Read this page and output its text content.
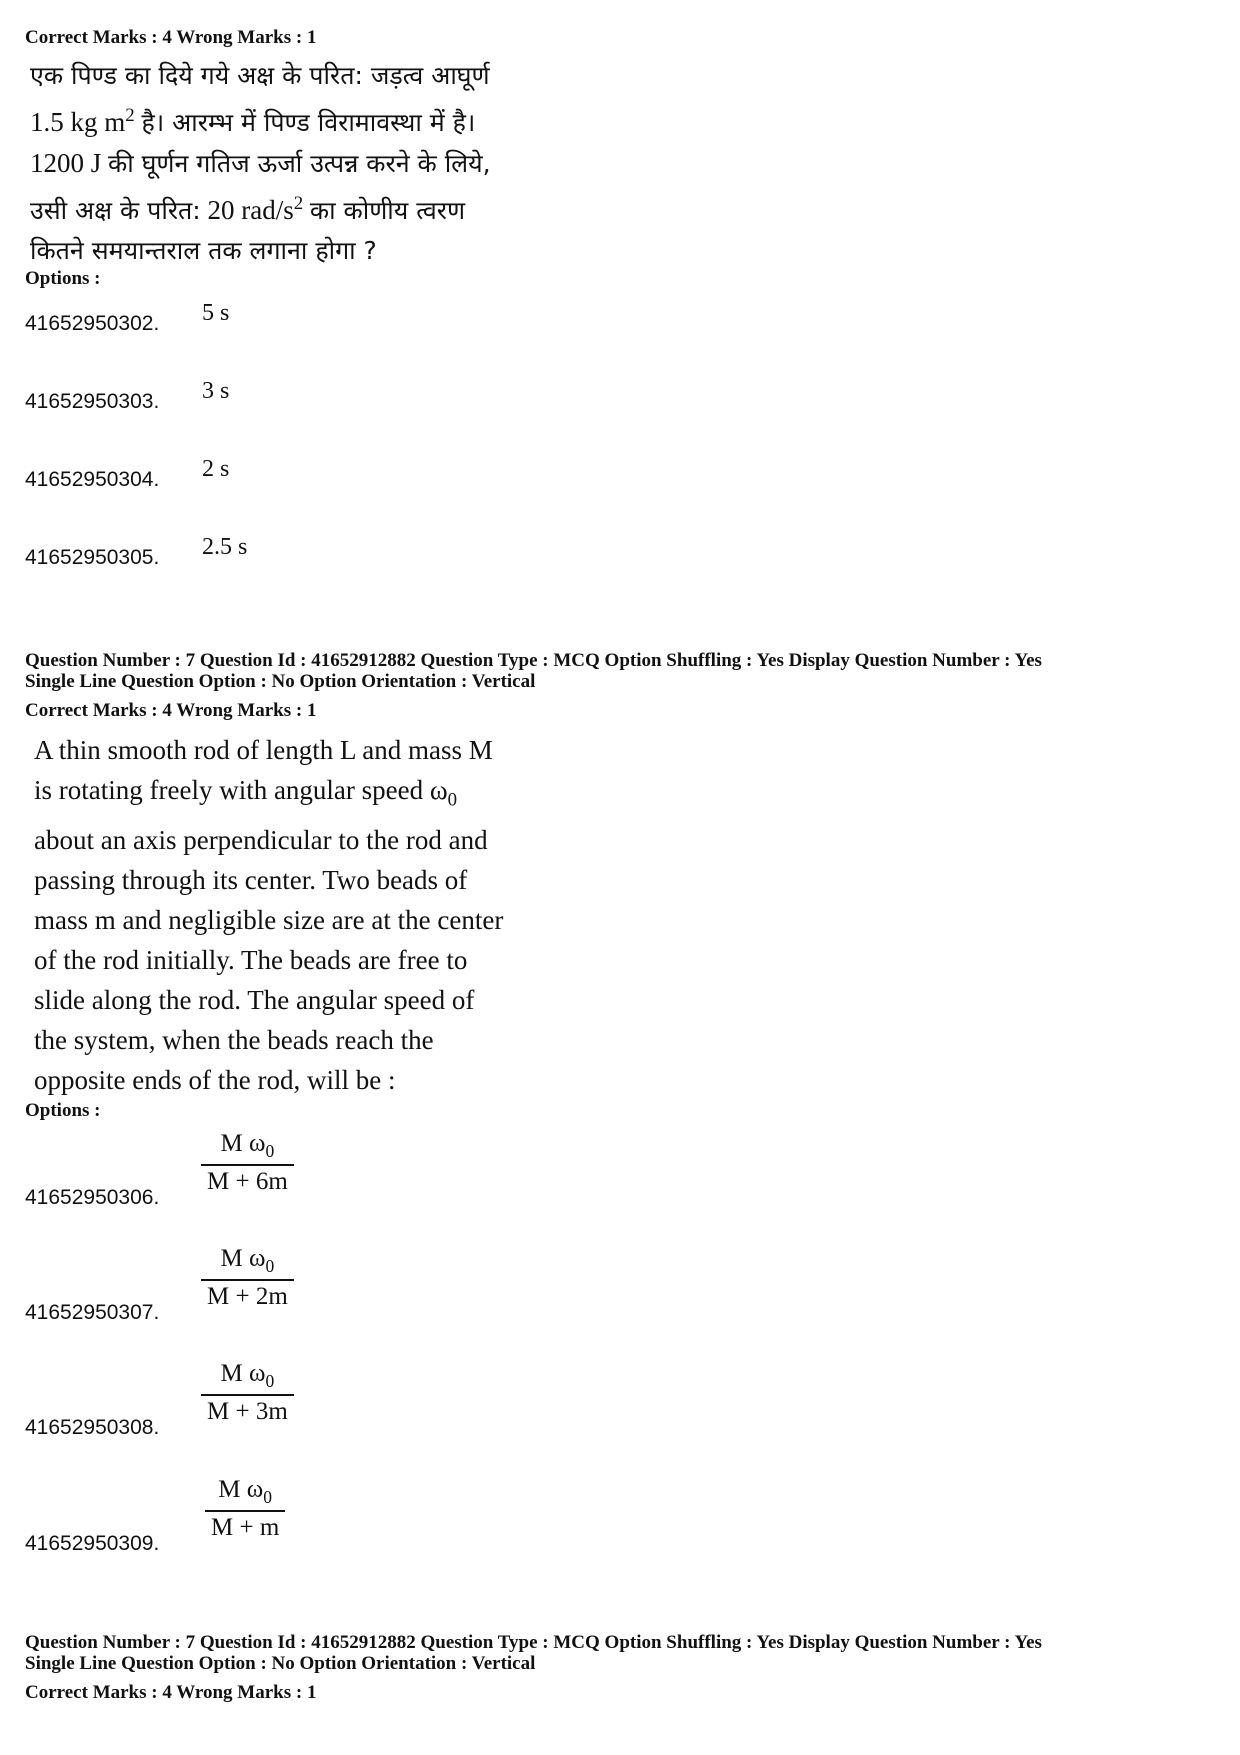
Correct Marks : 4 Wrong Marks : 1
एक पिण्ड का दिये गये अक्ष के परित: जड़त्व आघूर्ण
1.5 kg $m^2$ है। आरम्भ में पिण्ड विरामावस्था में है।
1200 J की घूर्णन गतिज ऊर्जा उत्पन्न करने के लिये,
उसी अक्ष के परित: 20 rad/$s^2$ का कोणीय त्वरण
कितने समयान्तराल तक लगाना होगा ?
Options :
41652950302. 5 s
41652950303. 3 s
41652950304. 2 s
41652950305. 2.5 s
Question Number : 7 Question Id : 41652912882 Question Type : MCQ Option Shuffling : Yes Display Question Number : Yes
Single Line Question Option : No Option Orientation : Vertical
Correct Marks : 4 Wrong Marks : 1
A thin smooth rod of length L and mass M
is rotating freely with angular speed $\omega_0$
about an axis perpendicular to the rod and
passing through its center. Two beads of
mass m and negligible size are at the center
of the rod initially. The beads are free to
slide along the rod. The angular speed of
the system, when the beads reach the
opposite ends of the rod, will be :
Options :
41652950306.
M $\omega_0$
M + 6m
41652950307.
M $\omega_0$
M + 2m
41652950308.
M $\omega_0$
M + 3m
41652950309.
M $\omega_0$
M + m
Question Number : 7 Question Id : 41652912882 Question Type : MCQ Option Shuffling : Yes Display Question Number : Yes
Single Line Question Option : No Option Orientation : Vertical
Correct Marks : 4 Wrong Marks : 1
